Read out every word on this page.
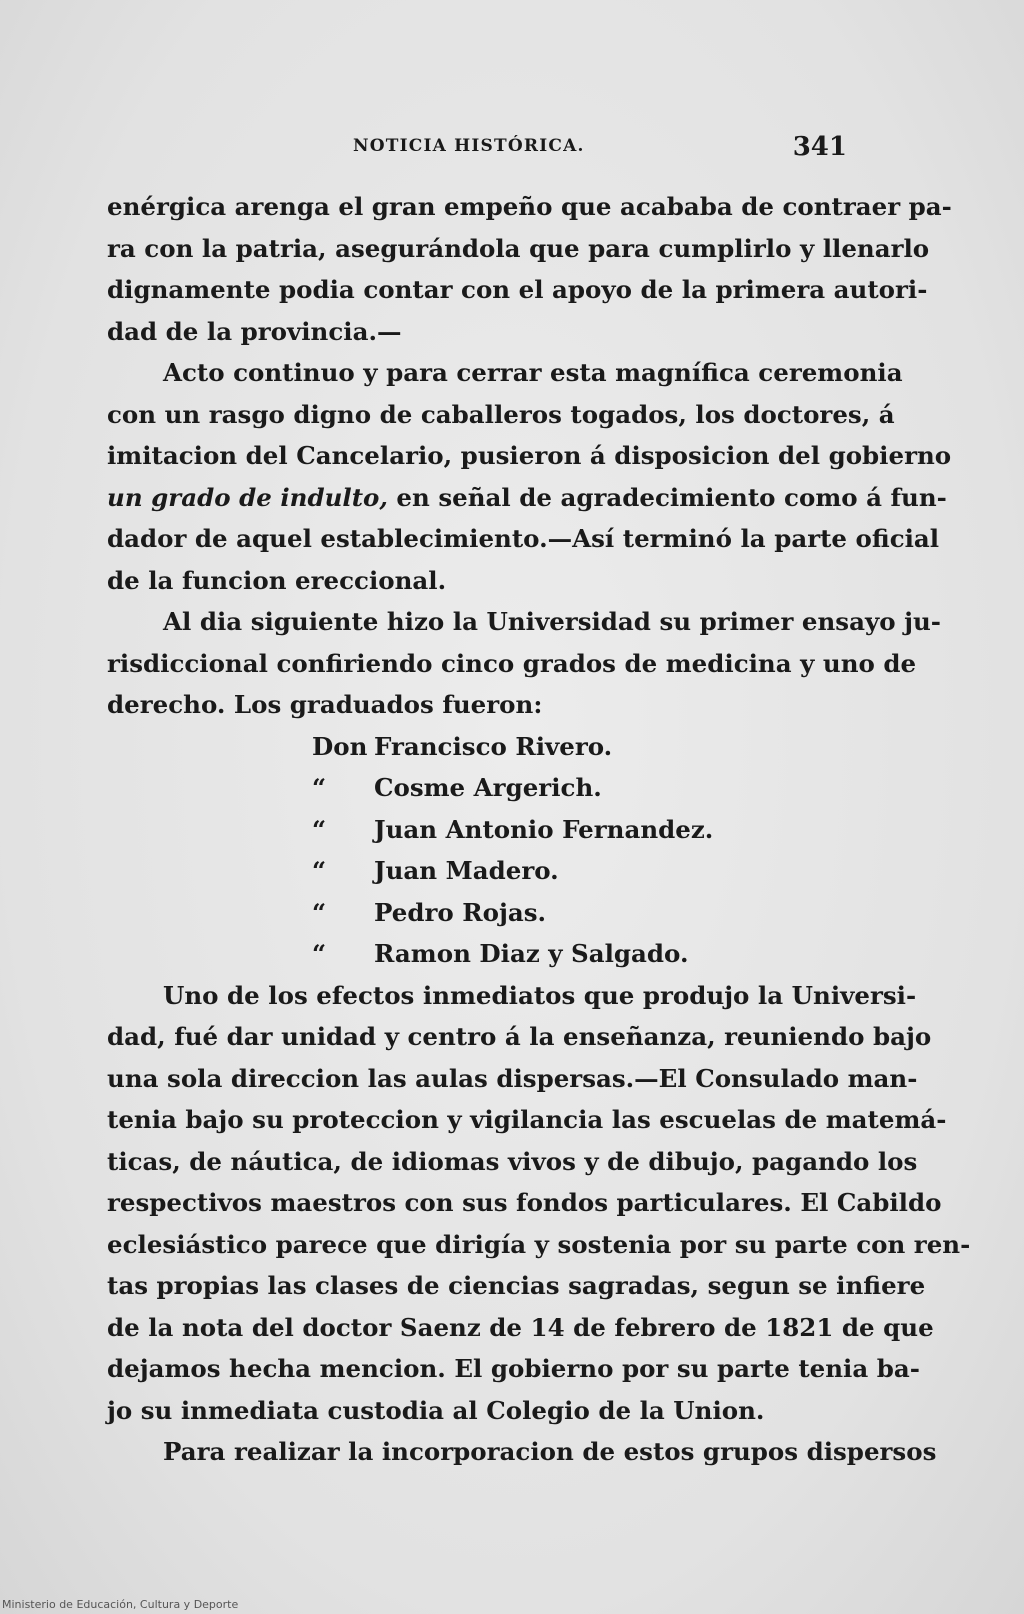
NOTICIA HISTÓRICA.	341
enérgica arenga el gran empeño que acababa de contraer pa-
ra con la patria, asegurándola que para cumplirlo y llenarlo
dignamente podia contar con el apoyo de la primera autori-
dad de la provincia.—
Acto continuo y para cerrar esta magnífica ceremonia
con un rasgo digno de caballeros togados, los doctores, á
imitacion del Cancelario, pusieron á disposicion del gobierno
un grado de indulto, en señal de agradecimiento como á fun-
dador de aquel establecimiento.—Así terminó la parte oficial
de la funcion ereccional.
Al dia siguiente hizo la Universidad su primer ensayo ju-
risdiccional confiriendo cinco grados de medicina y uno de
derecho. Los graduados fueron:
Don Francisco Rivero.
“ Cosme Argerich.
“ Juan Antonio Fernandez.
“ Juan Madero.
“ Pedro Rojas.
“ Ramon Diaz y Salgado.
Uno de los efectos inmediatos que produjo la Universi-
dad, fué dar unidad y centro á la enseñanza, reuniendo bajo
una sola direccion las aulas dispersas.—El Consulado man-
tenia bajo su proteccion y vigilancia las escuelas de matemá-
ticas, de náutica, de idiomas vivos y de dibujo, pagando los
respectivos maestros con sus fondos particulares. El Cabildo
eclesiástico parece que dirigía y sostenia por su parte con ren-
tas propias las clases de ciencias sagradas, segun se infiere
de la nota del doctor Saenz de 14 de febrero de 1821 de que
dejamos hecha mencion. El gobierno por su parte tenia ba-
jo su inmediata custodia al Colegio de la Union.
Para realizar la incorporacion de estos grupos dispersos
Ministerio de Educación, Cultura y Deporte
